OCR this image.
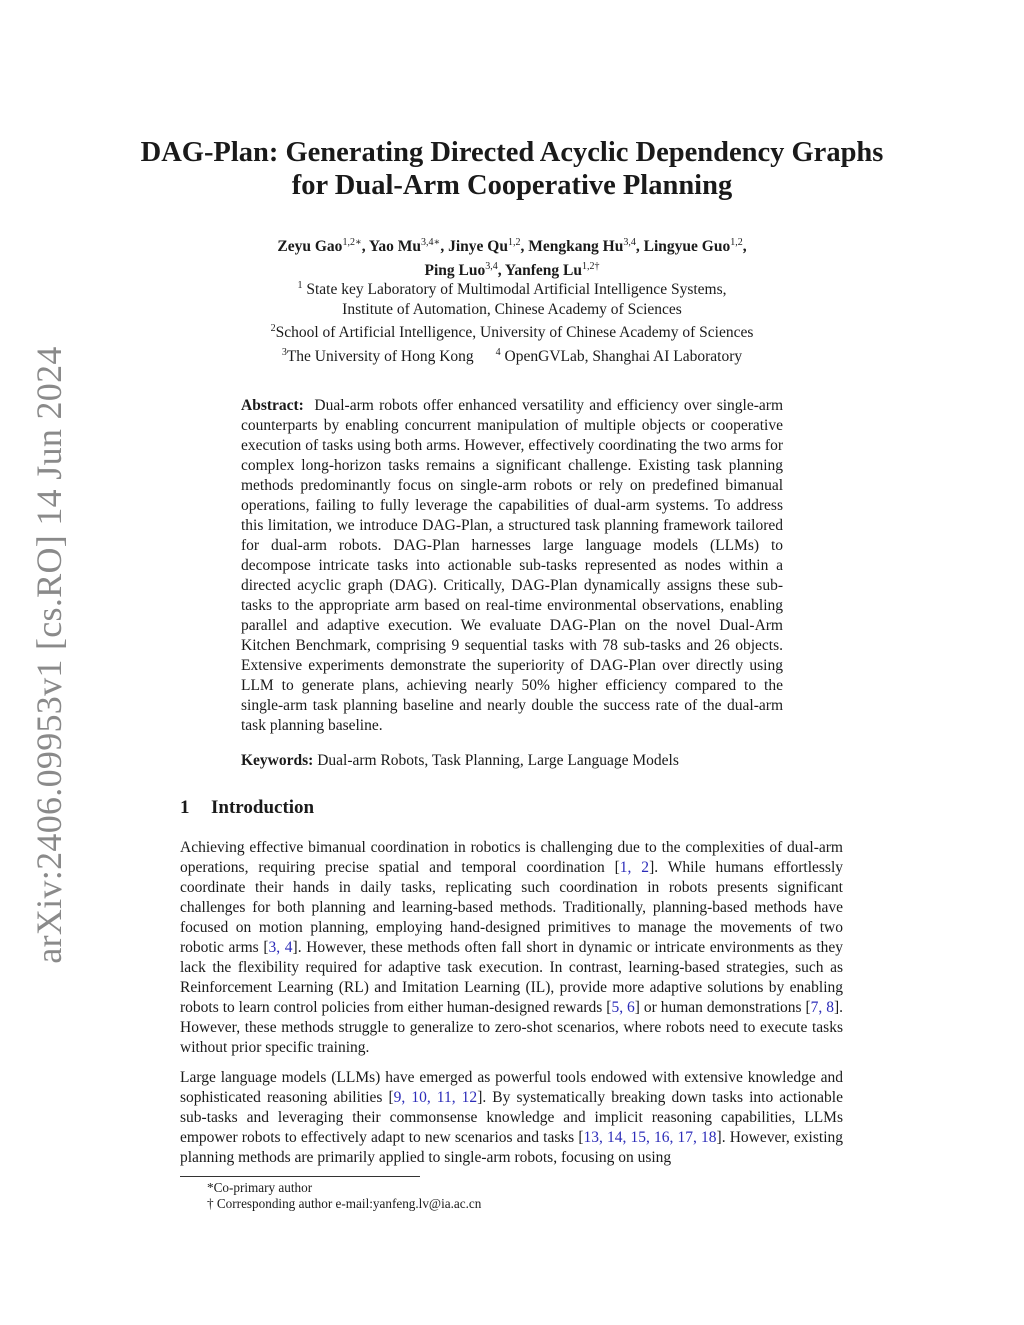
arXiv:2406.09953v1 [cs.RO] 14 Jun 2024
DAG-Plan: Generating Directed Acyclic Dependency Graphs for Dual-Arm Cooperative Planning
Zeyu Gao$^{1,2∗}$, Yao $Mu^{3,4∗}$, Jinye Qu$^{1,2}$, Mengkang Hu$^{3,4}$, Lingyue Guo$^{1,2}$,
Ping Luo$^{3,4}$, Yanfeng $Lu^{1,2\dagger}$
$^1$ State key Laboratory of Multimodal Artificial Intelligence Systems,
Institute of Automation, Chinese Academy of Sciences
$^2$School of Artificial Intelligence, University of Chinese Academy of Sciences
$^3$The University of Hong Kong $^4$ OpenGVLab, Shanghai AI Laboratory

Abstract: Dual-arm robots offer enhanced versatility and efficiency over single-arm counterparts by enabling concurrent manipulation of multiple objects or cooperative execution of tasks using both arms. However, effectively coordinating the two arms for complex long-horizon tasks remains a significant challenge. Existing task planning methods predominantly focus on single-arm robots or rely on predefined bimanual operations, failing to fully leverage the capabilities of dual-arm systems. To address this limitation, we introduce DAG-Plan, a structured task planning framework tailored for dual-arm robots. DAG-Plan harnesses large language models (LLMs) to decompose intricate tasks into actionable sub-tasks represented as nodes within a directed acyclic graph (DAG). Critically, DAG-Plan dynamically assigns these sub-tasks to the appropriate arm based on real-time environmental observations, enabling parallel and adaptive execution. We evaluate DAG-Plan on the novel Dual-Arm Kitchen Benchmark, comprising 9 sequential tasks with 78 sub-tasks and 26 objects. Extensive experiments demonstrate the superiority of DAG-Plan over directly using LLM to generate plans, achieving nearly 50% higher efficiency compared to the single-arm task planning baseline and nearly double the success rate of the dual-arm task planning baseline.

Keywords: Dual-arm Robots, Task Planning, Large Language Models

1 Introduction

Achieving effective bimanual coordination in robotics is challenging due to the complexities of dual-arm operations, requiring precise spatial and temporal coordination [1, 2]. While humans effortlessly coordinate their hands in daily tasks, replicating such coordination in robots presents significant challenges for both planning and learning-based methods. Traditionally, planning-based methods have focused on motion planning, employing hand-designed primitives to manage the movements of two robotic arms [3, 4]. However, these methods often fall short in dynamic or intricate environments as they lack the flexibility required for adaptive task execution. In contrast, learning-based strategies, such as Reinforcement Learning (RL) and Imitation Learning (IL), provide more adaptive solutions by enabling robots to learn control policies from either human-designed rewards [5, 6] or human demonstrations [7, 8]. However, these methods struggle to generalize to zero-shot scenarios, where robots need to execute tasks without prior specific training.

Large language models (LLMs) have emerged as powerful tools endowed with extensive knowledge and sophisticated reasoning abilities [9, 10, 11, 12]. By systematically breaking down tasks into actionable sub-tasks and leveraging their commonsense knowledge and implicit reasoning capabilities, LLMs empower robots to effectively adapt to new scenarios and tasks [13, 14, 15, 16, 17, 18]. However, existing planning methods are primarily applied to single-arm robots, focusing on using

*Co-primary author

† Corresponding author e-mail:yanfeng.lv@ia.ac.cn
